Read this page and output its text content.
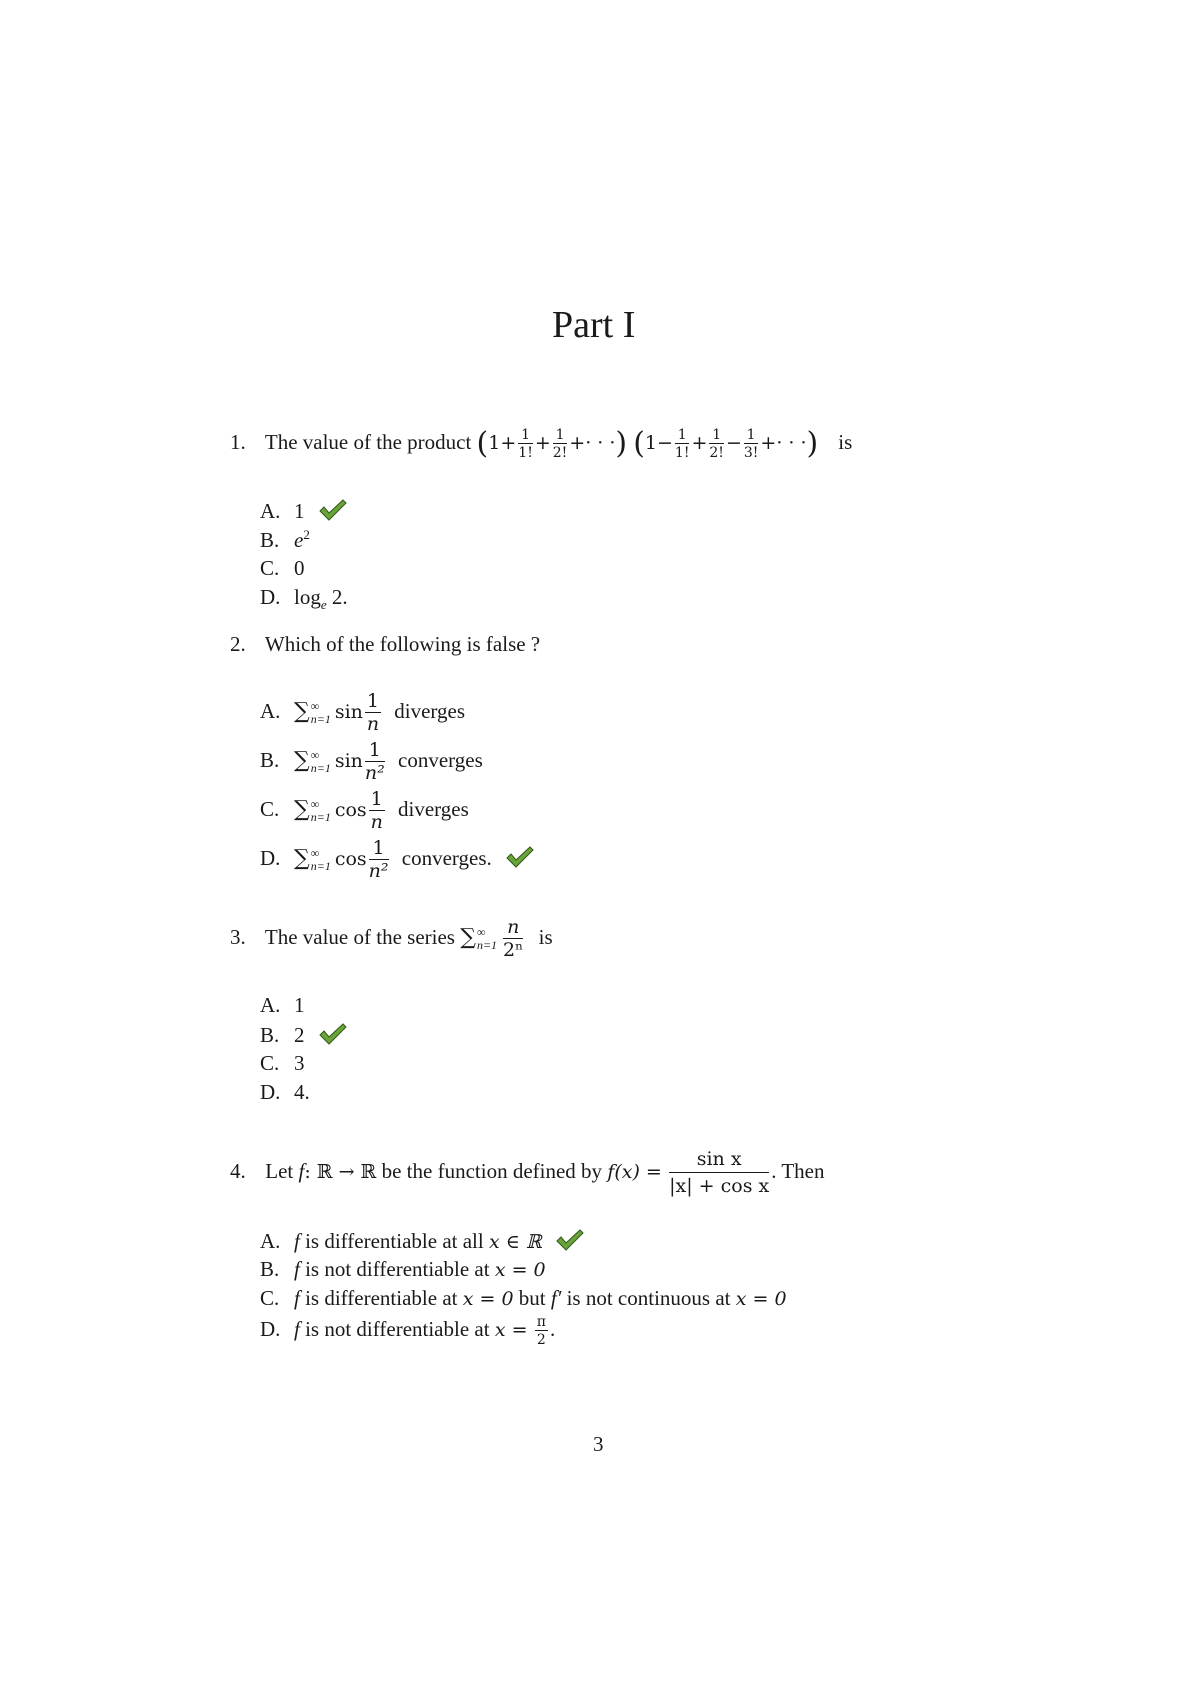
Part I
1. The value of the product ($1+ \frac{1}{1!} + \frac{1}{2!}$ +· · ·) ($1- \frac{1}{1!} + \frac{1}{2!} - \frac{1}{3!}$ +· · ·) is
A. 1
B. $e^2$
C. 0
D. $\log_e 2$.
2. Which of the following is false ?
A. ∑ ∞
n=1 $\sin \frac{1}{n}$ diverges
B. ∑ ∞
n=1 $\sin \frac{1}{\text{n²}}$ converges
C. ∑ ∞
n=1 $\cos \frac{1}{n}$ diverges
D. ∑ ∞
n=1 $\cos \frac{1}{\text{n²}}$ converges.
3. The value of the series ∑ ∞
$n=1 \frac{n}{\text{2ⁿ}}$ is
A. 1
B. 2
C. 3
D. 4.
4. Let f: ℝ → ℝ be the function defined by $f(x) = \frac{\text{sin x}}{\text{|x| + cos x}}$ . Then
A. f is differentiable at all x ∈ ℝ
B. f is not differentiable at x = 0
C. f is differentiable at x = 0 but f′ is not continuous at x = 0
D. f is not differentiable at $x = \frac{\pi}{2}$ .
3
